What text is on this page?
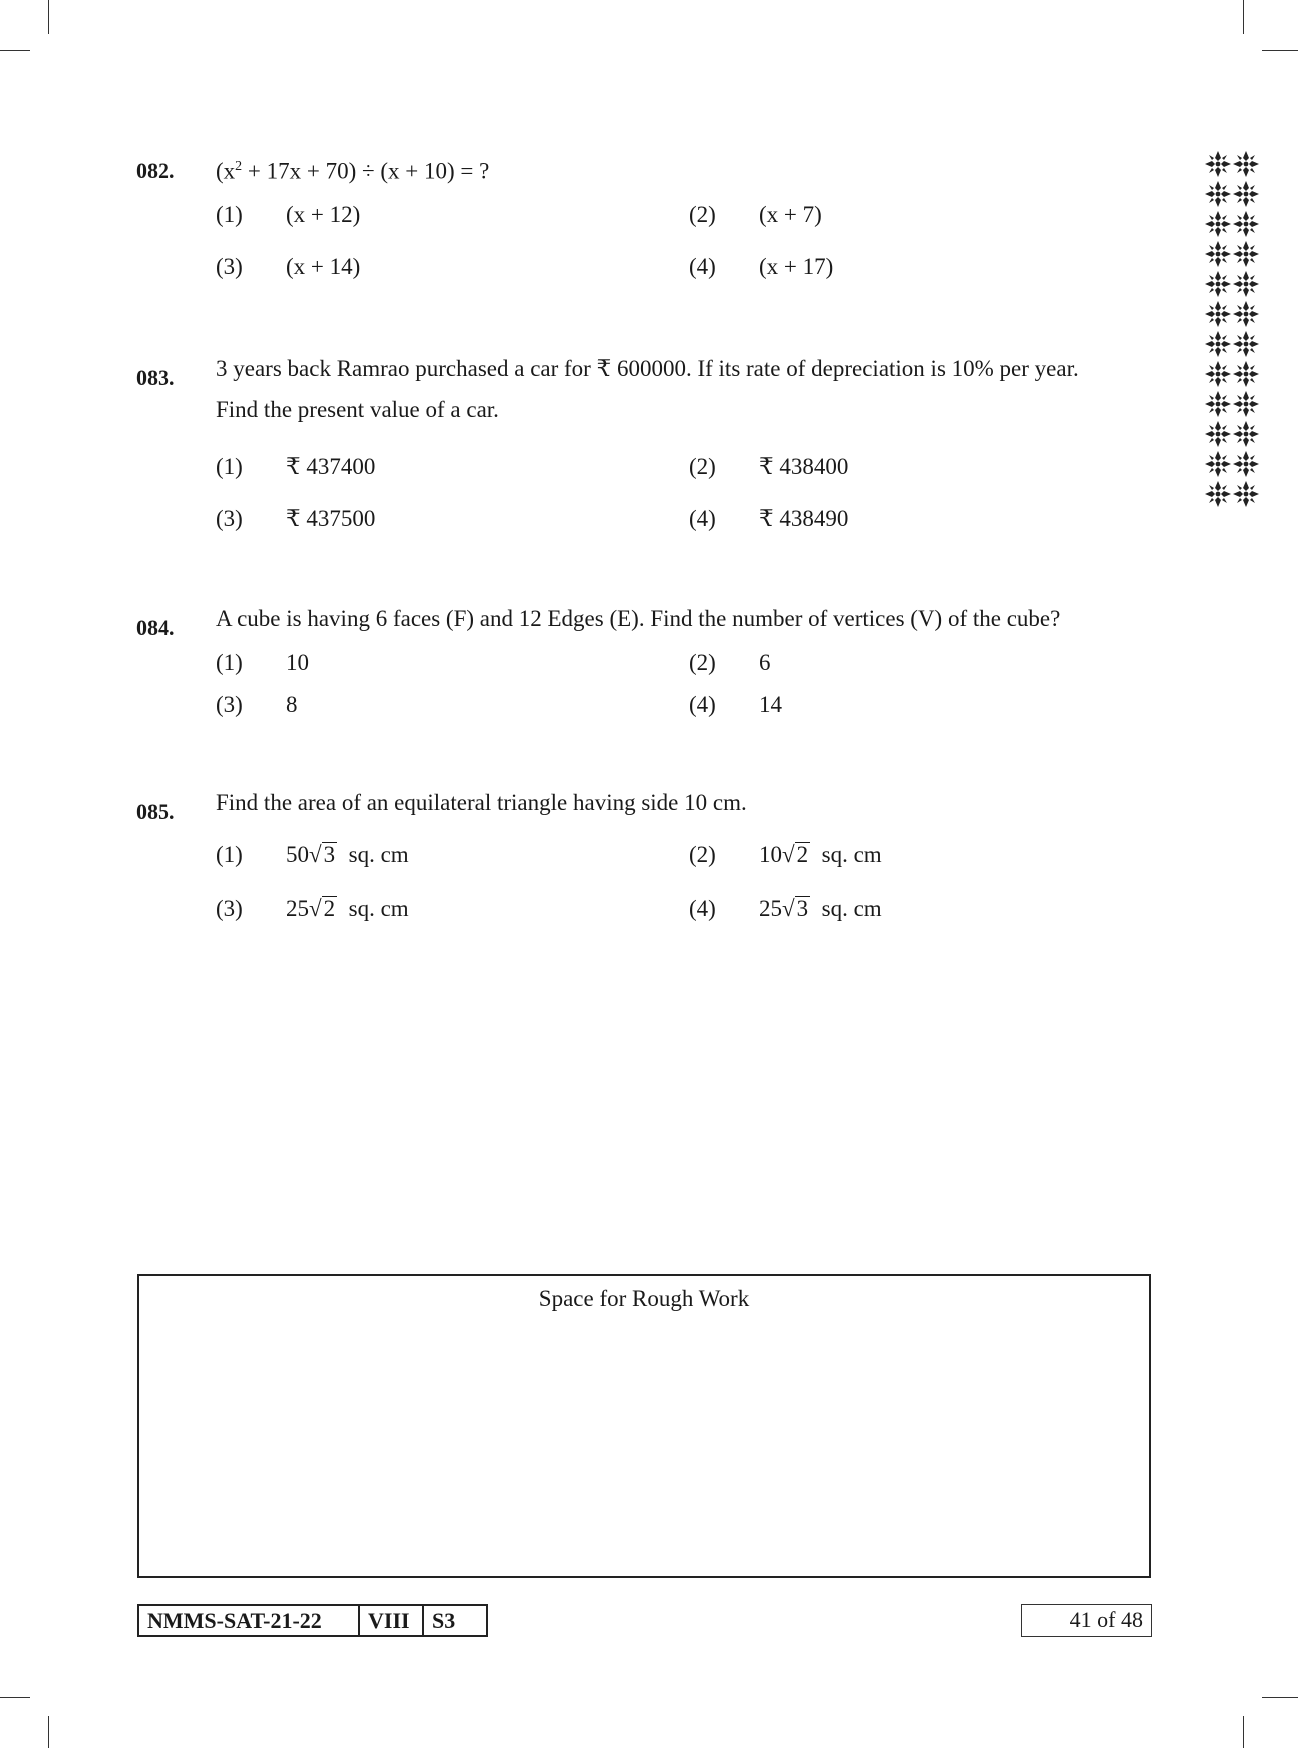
082. $(x^2 + 17x + 70) \div (x + 10)$ = ?
(1) (x + 12)	(2) (x + 7)
(3) (x + 14)	(4) (x + 17)
083. 3 years back Ramrao purchased a car for ₹ 600000. If its rate of depreciation is 10% per year.
Find the present value of a car.
(1) ₹ 437400	(2) ₹ 438400
(3) ₹ 437500	(4) ₹ 438490
084. A cube is having 6 faces (F) and 12 Edges (E). Find the number of vertices (V) of the cube?
(1) 10	(2) 6
(3) 8	(4) 14
085. Find the area of an equilateral triangle having side 10 cm.
(1) 50√3 sq. cm	(2) 10√2 sq. cm
(3) 25√2 sq. cm	(4) 25√3 sq. cm
Space for Rough Work
NMMS-SAT-21-22	VIII	S3	41 of 48
